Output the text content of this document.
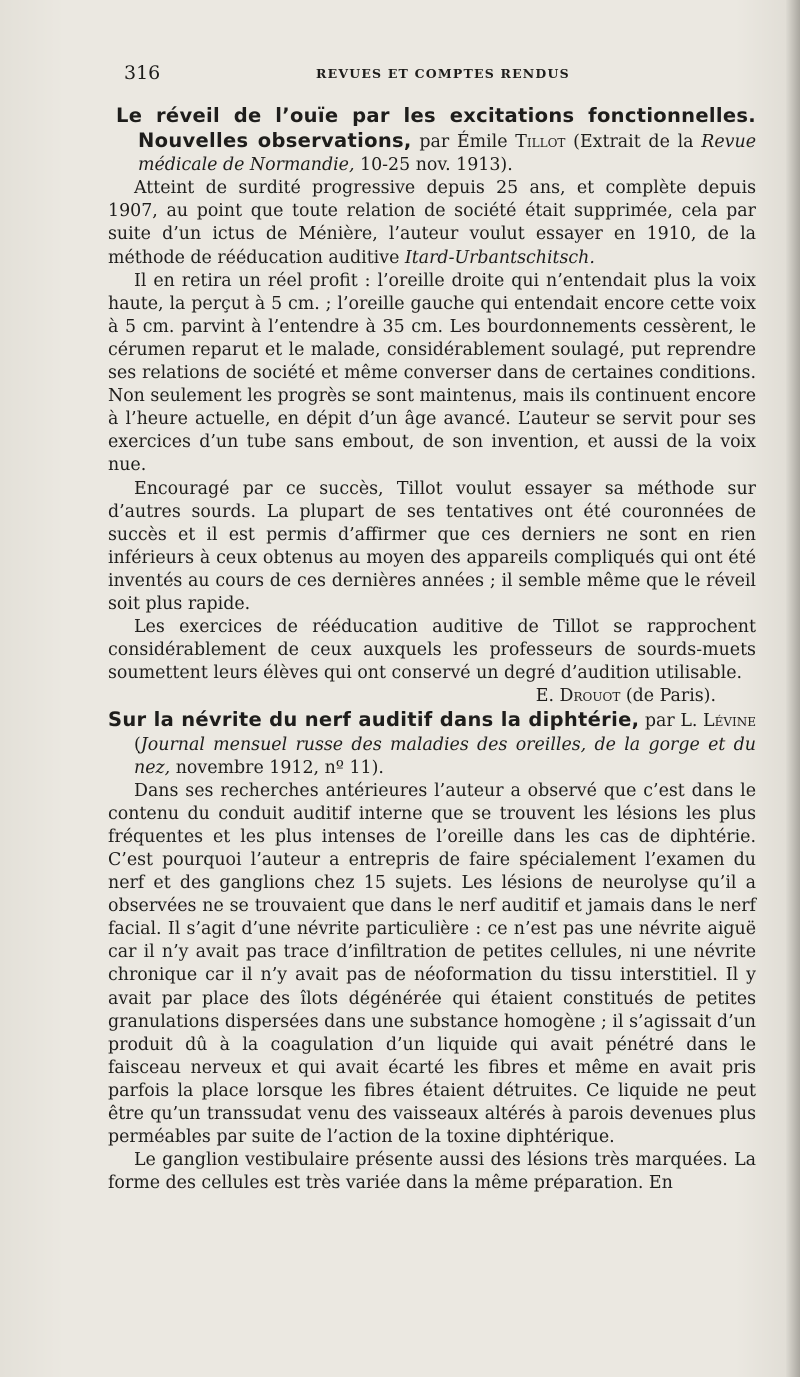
316	REVUES ET COMPTES RENDUS

Le réveil de l’ouïe par les excitations fonctionnelles. Nouvelles observations, par Émile Tillot (Extrait de la Revue médicale de Normandie, 10-25 nov. 1913).

Atteint de surdité progressive depuis 25 ans, et complète depuis 1907, au point que toute relation de société était supprimée, cela par suite d’un ictus de Ménière, l’auteur voulut essayer en 1910, de la méthode de rééducation auditive Itard-Urbantschitsch.

Il en retira un réel profit : l’oreille droite qui n’entendait plus la voix haute, la perçut à 5 cm. ; l’oreille gauche qui entendait encore cette voix à 5 cm. parvint à l’entendre à 35 cm. Les bourdonnements cessèrent, le cérumen reparut et le malade, considérablement soulagé, put reprendre ses relations de société et même converser dans de certaines conditions. Non seulement les progrès se sont maintenus, mais ils continuent encore à l’heure actuelle, en dépit d’un âge avancé. L’auteur se servit pour ses exercices d’un tube sans embout, de son invention, et aussi de la voix nue.

Encouragé par ce succès, Tillot voulut essayer sa méthode sur d’autres sourds. La plupart de ses tentatives ont été couronnées de succès et il est permis d’affirmer que ces derniers ne sont en rien inférieurs à ceux obtenus au moyen des appareils compliqués qui ont été inventés au cours de ces dernières années ; il semble même que le réveil soit plus rapide.

Les exercices de rééducation auditive de Tillot se rapprochent considérablement de ceux auxquels les professeurs de sourds-muets soumettent leurs élèves qui ont conservé un degré d’audition utilisable.

E. Drouot (de Paris).

Sur la névrite du nerf auditif dans la diphtérie, par L. Lévine (Journal mensuel russe des maladies des oreilles, de la gorge et du nez, novembre 1912, nº 11).

Dans ses recherches antérieures l’auteur a observé que c’est dans le contenu du conduit auditif interne que se trouvent les lésions les plus fréquentes et les plus intenses de l’oreille dans les cas de diphtérie. C’est pourquoi l’auteur a entrepris de faire spécialement l’examen du nerf et des ganglions chez 15 sujets. Les lésions de neurolyse qu’il a observées ne se trouvaient que dans le nerf auditif et jamais dans le nerf facial. Il s’agit d’une névrite particulière : ce n’est pas une névrite aiguë car il n’y avait pas trace d’infiltration de petites cellules, ni une névrite chronique car il n’y avait pas de néoformation du tissu interstitiel. Il y avait par place des îlots dégénérée qui étaient constitués de petites granulations dispersées dans une substance homogène ; il s’agissait d’un produit dû à la coagulation d’un liquide qui avait pénétré dans le faisceau nerveux et qui avait écarté les fibres et même en avait pris parfois la place lorsque les fibres étaient détruites. Ce liquide ne peut être qu’un transsudat venu des vaisseaux altérés à parois devenues plus perméables par suite de l’action de la toxine diphtérique.

Le ganglion vestibulaire présente aussi des lésions très marquées. La forme des cellules est très variée dans la même préparation. En
